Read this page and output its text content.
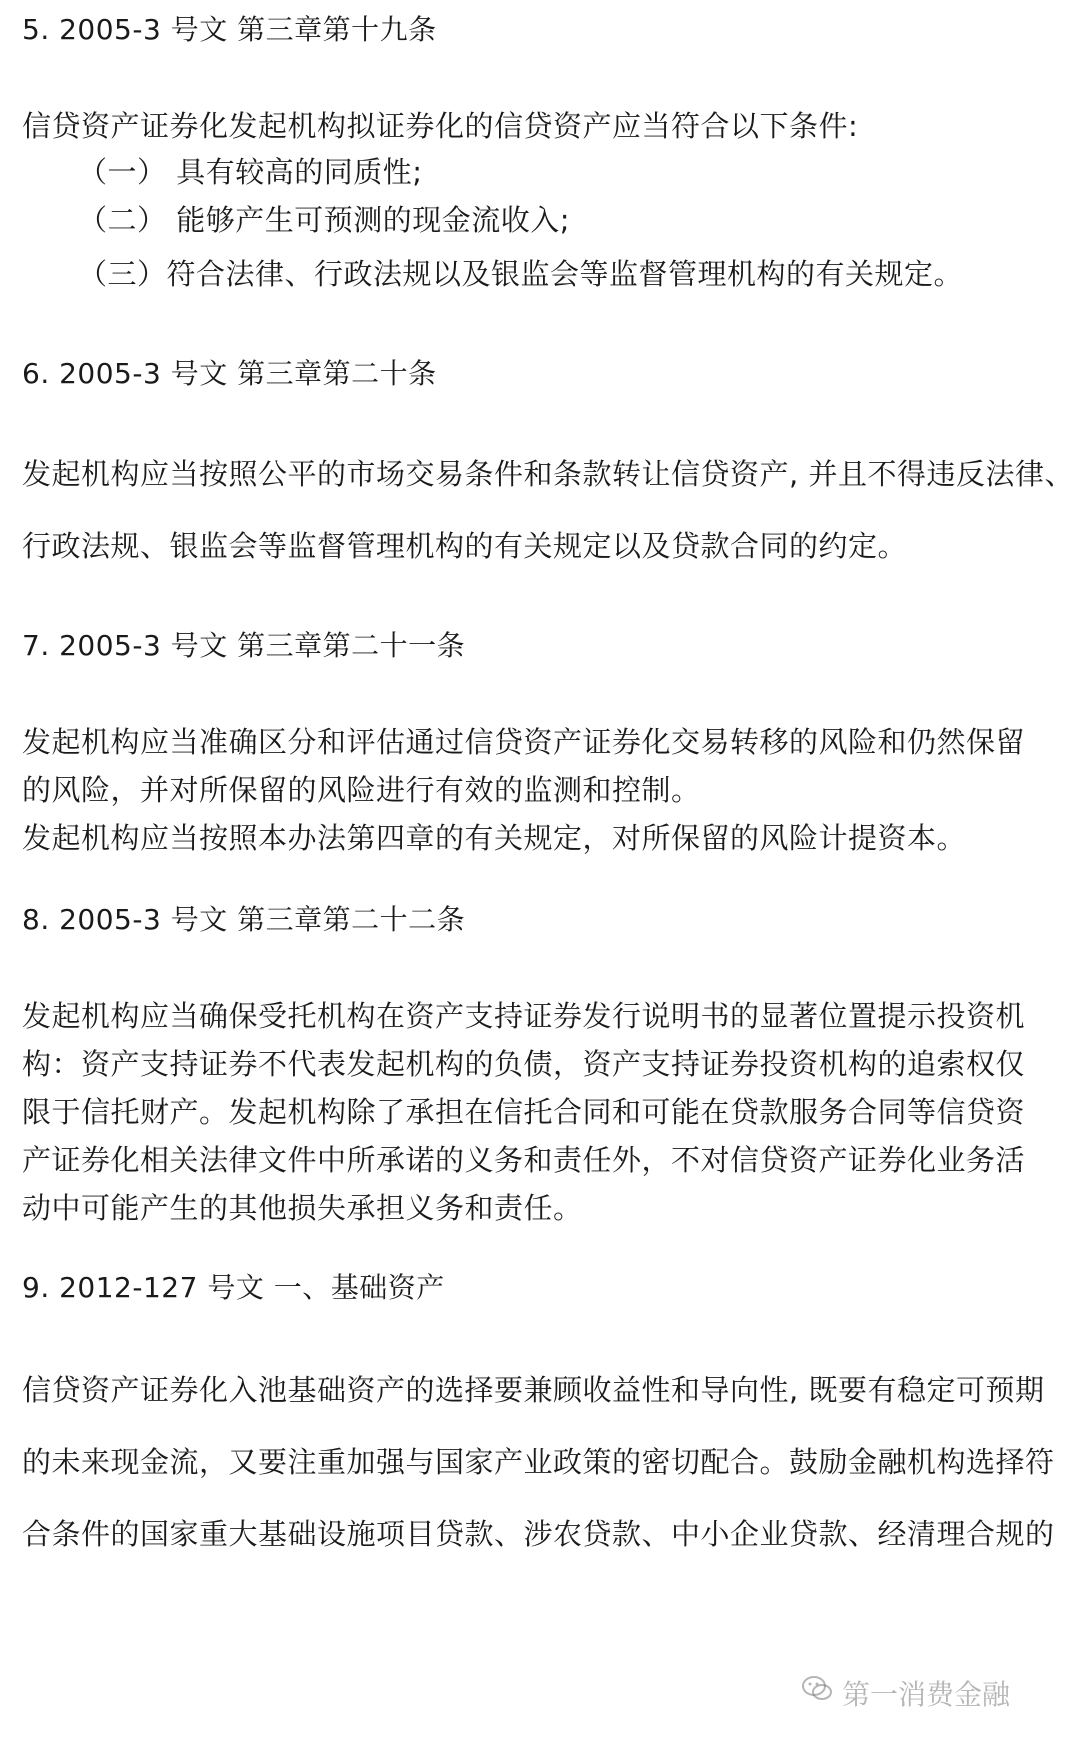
5. 2005-3 号文 第三章第十九条
信贷资产证券化发起机构拟证券化的信贷资产应当符合以下条件:
（一） 具有较高的同质性;
（二） 能够产生可预测的现金流收入;
（三）符合法律、行政法规以及银监会等监督管理机构的有关规定。
6. 2005-3 号文 第三章第二十条
发起机构应当按照公平的市场交易条件和条款转让信贷资产, 并且不得违反法律、
行政法规、银监会等监督管理机构的有关规定以及贷款合同的约定。
7. 2005-3 号文 第三章第二十一条
发起机构应当准确区分和评估通过信贷资产证券化交易转移的风险和仍然保留
的风险，并对所保留的风险进行有效的监测和控制。
发起机构应当按照本办法第四章的有关规定，对所保留的风险计提资本。
8. 2005-3 号文 第三章第二十二条
发起机构应当确保受托机构在资产支持证券发行说明书的显著位置提示投资机
构：资产支持证券不代表发起机构的负债，资产支持证券投资机构的追索权仅
限于信托财产。发起机构除了承担在信托合同和可能在贷款服务合同等信贷资
产证券化相关法律文件中所承诺的义务和责任外，不对信贷资产证券化业务活
动中可能产生的其他损失承担义务和责任。
9. 2012-127 号文 一、基础资产
信贷资产证券化入池基础资产的选择要兼顾收益性和导向性, 既要有稳定可预期
的未来现金流，又要注重加强与国家产业政策的密切配合。鼓励金融机构选择符
合条件的国家重大基础设施项目贷款、涉农贷款、中小企业贷款、经清理合规的
第一消费金融
